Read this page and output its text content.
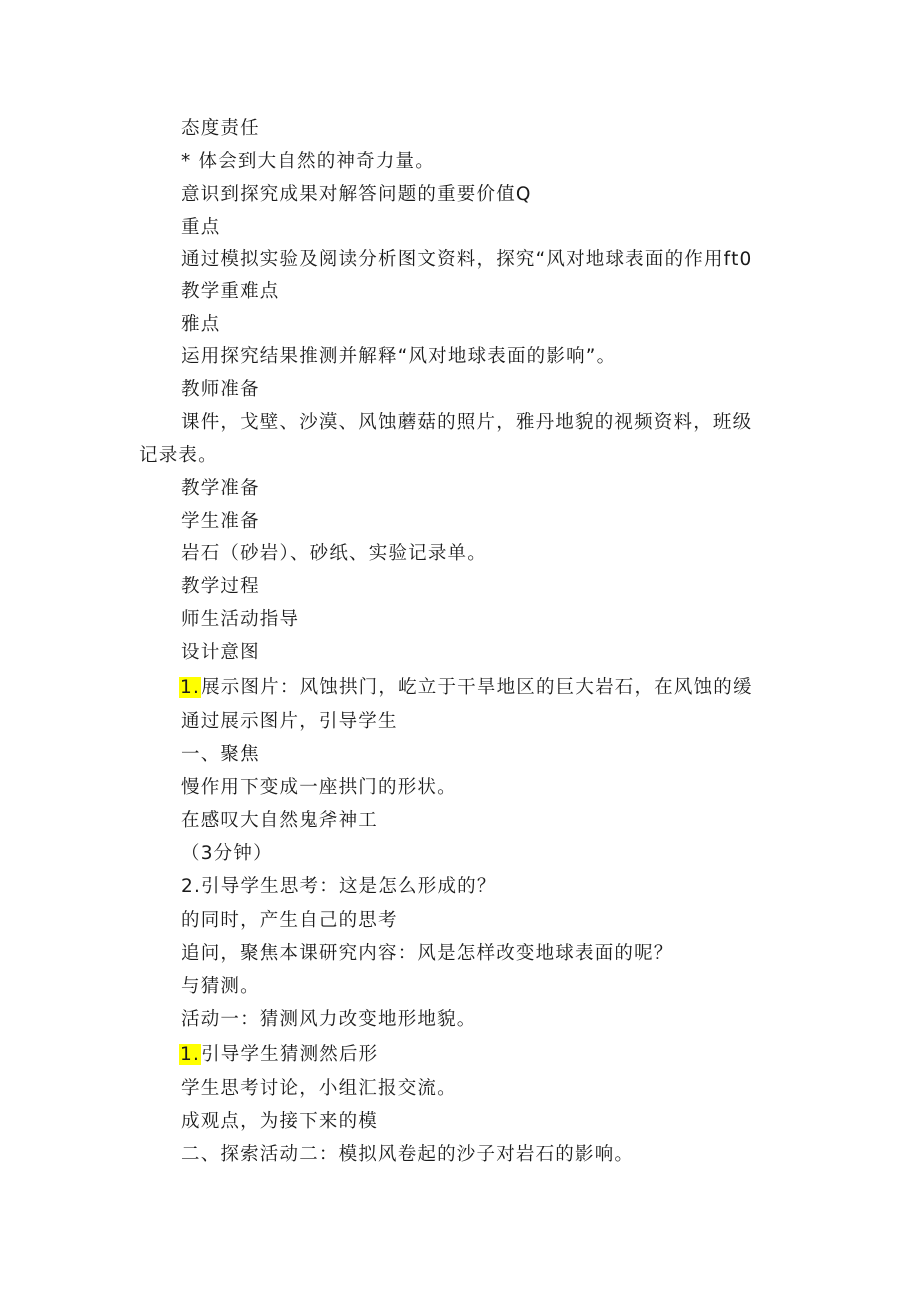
态度责任
* 体会到大自然的神奇力量。
意识到探究成果对解答问题的重要价值Q
重点
通过模拟实验及阅读分析图文资料，探究“风对地球表面的作用ft0
教学重难点
雅点
运用探究结果推测并解释“风对地球表面的影响”。
教师准备
课件，戈壁、沙漠、风蚀蘑菇的照片，雅丹地貌的视频资料，班级
记录表。
教学准备
学生准备
岩石（砂岩）、砂纸、实验记录单。
教学过程
师生活动指导
设计意图
1.展示图片：风蚀拱门，屹立于干旱地区的巨大岩石，在风蚀的缓
通过展示图片，引导学生
一、聚焦
慢作用下变成一座拱门的形状。
在感叹大自然鬼斧神工
（3分钟）
2.引导学生思考：这是怎么形成的？
的同时，产生自己的思考
追问，聚焦本课研究内容：风是怎样改变地球表面的呢？
与猜测。
活动一：猜测风力改变地形地貌。
1.引导学生猜测然后形
学生思考讨论，小组汇报交流。
成观点，为接下来的模
二、探索活动二：模拟风卷起的沙子对岩石的影响。
